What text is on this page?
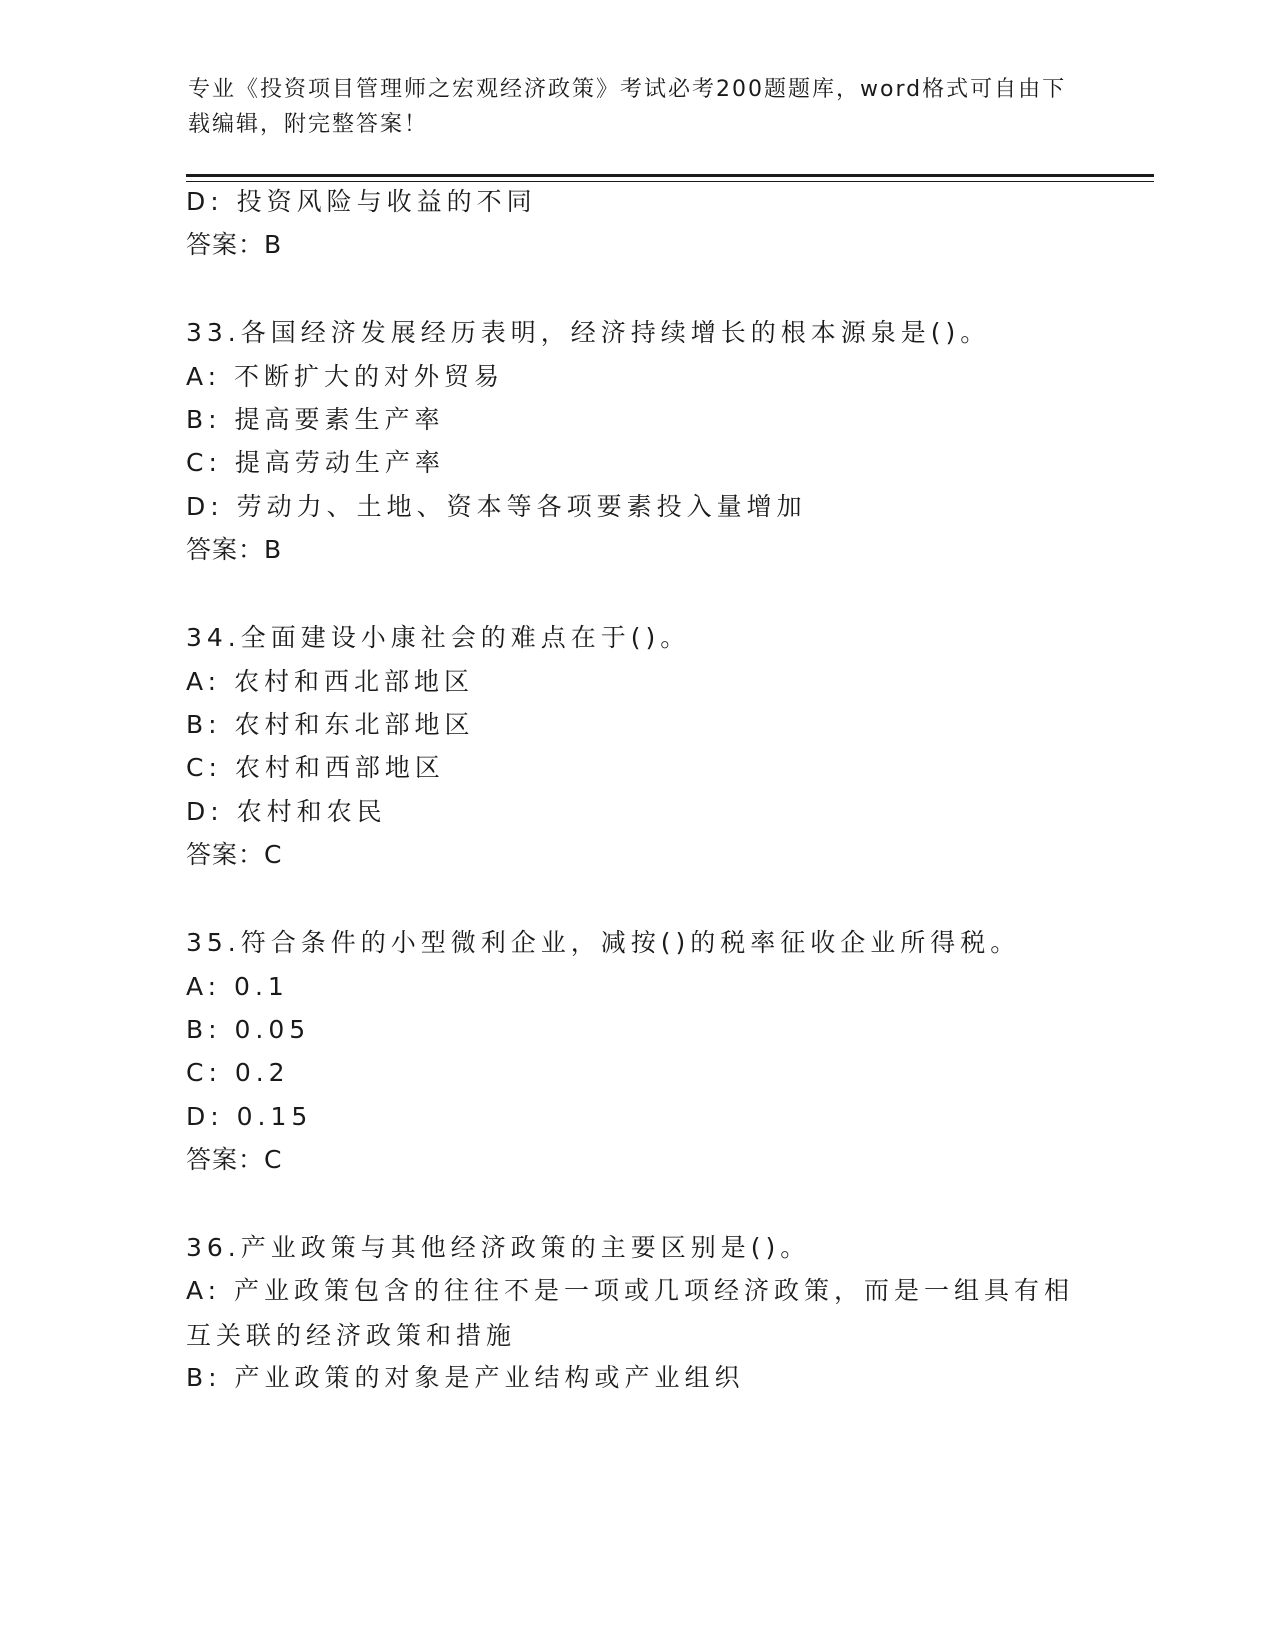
专业《投资项目管理师之宏观经济政策》考试必考200题题库，word格式可自由下载编辑，附完整答案！
D: 投资风险与收益的不同
答案：B
33.各国经济发展经历表明，经济持续增长的根本源泉是()。
A: 不断扩大的对外贸易
B: 提高要素生产率
C: 提高劳动生产率
D: 劳动力、土地、资本等各项要素投入量增加
答案：B
34.全面建设小康社会的难点在于()。
A: 农村和西北部地区
B: 农村和东北部地区
C: 农村和西部地区
D: 农村和农民
答案：C
35.符合条件的小型微利企业，减按()的税率征收企业所得税。
A: 0.1
B: 0.05
C: 0.2
D: 0.15
答案：C
36.产业政策与其他经济政策的主要区别是()。
A: 产业政策包含的往往不是一项或几项经济政策，而是一组具有相互关联的经济政策和措施
B: 产业政策的对象是产业结构或产业组织
